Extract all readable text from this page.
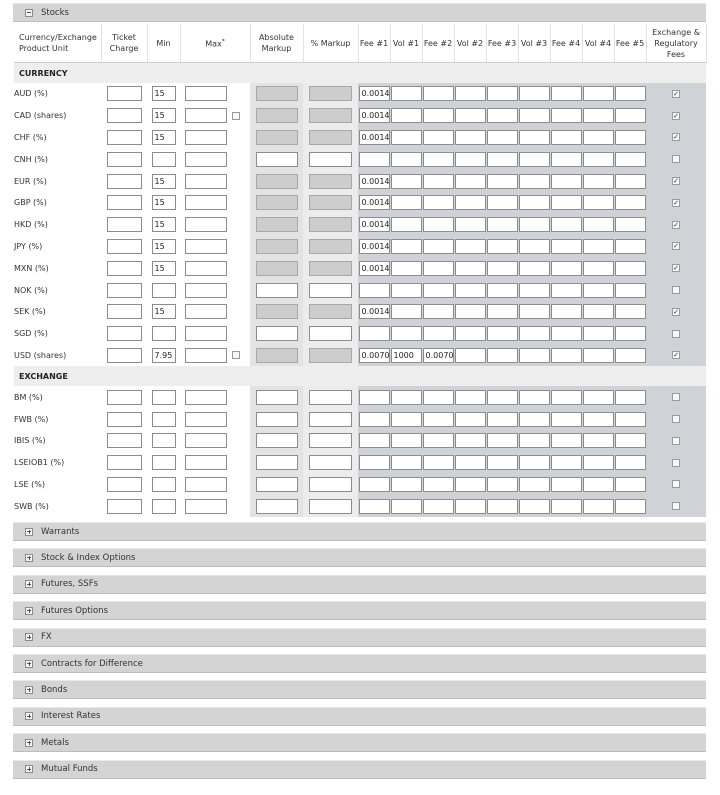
Stocks
Currency/Exchange Product Unit	Ticket Charge	Min	Max*	Absolute Markup	% Markup	Fee #1	Vol #1	Fee #2	Vol #2	Fee #3	Vol #3	Fee #4	Vol #4	Fee #5	Exchange & Regulatory Fees
CURRENCY															
AUD (%)		15				0.0014									✓
CAD (shares)		15				0.0014									✓
CHF (%)		15				0.0014									✓
CNH (%)															
EUR (%)		15				0.0014									✓
GBP (%)		15				0.0014									✓
HKD (%)		15				0.0014									✓
JPY (%)		15				0.0014									✓
MXN (%)		15				0.0014									✓
NOK (%)															
SEK (%)		15				0.0014									✓
SGD (%)															
USD (shares)		7.95				0.0070	1000	0.0070							✓
EXCHANGE															
BM (%)															
FWB (%)															
IBIS (%)															
LSEIOB1 (%)															
LSE (%)															
SWB (%)															
Warrants
Stock & Index Options
Futures, SSFs
Futures Options
FX
Contracts for Difference
Bonds
Interest Rates
Metals
Mutual Funds
